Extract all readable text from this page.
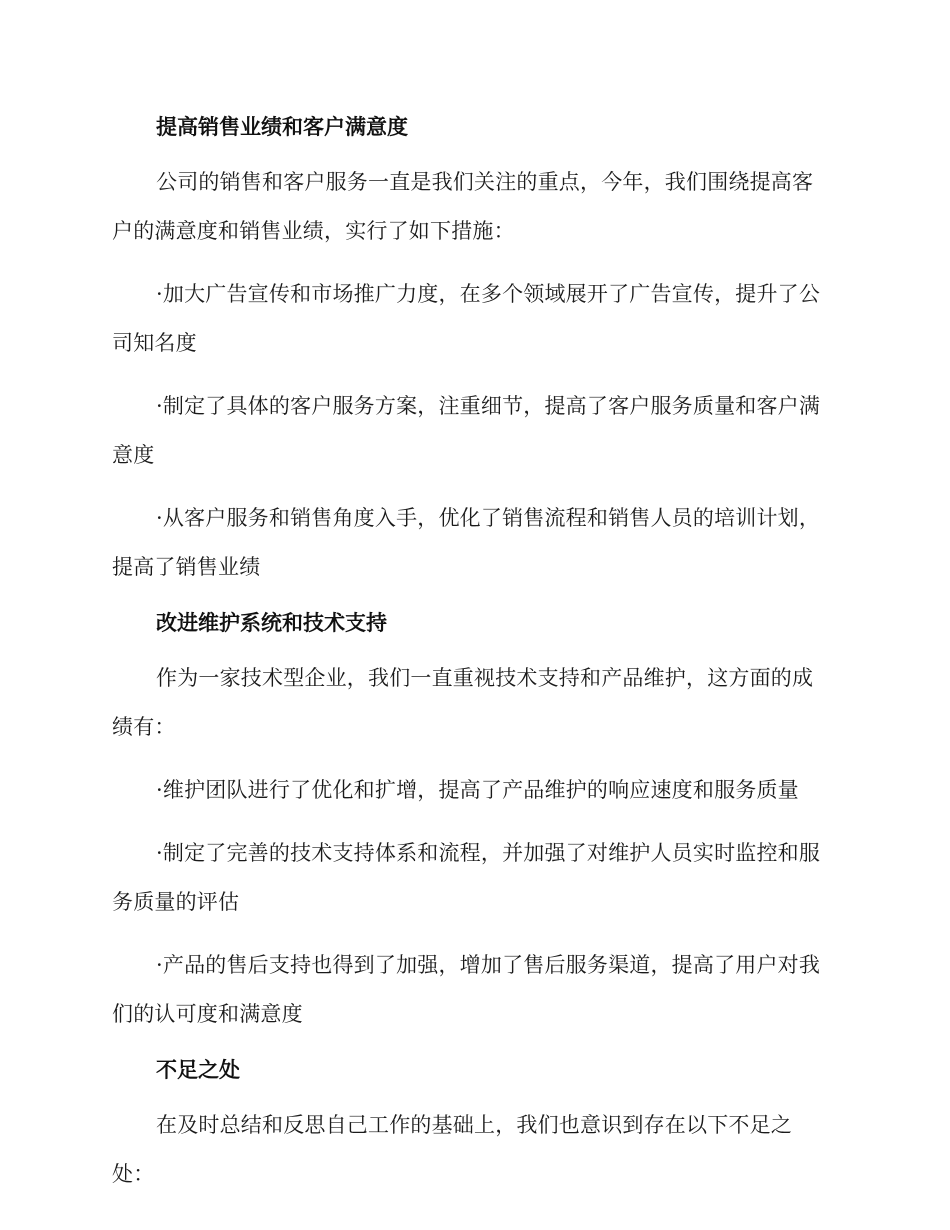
提高销售业绩和客户满意度

公司的销售和客户服务一直是我们关注的重点，今年，我们围绕提高客户的满意度和销售业绩，实行了如下措施：

·加大广告宣传和市场推广力度，在多个领域展开了广告宣传，提升了公司知名度

·制定了具体的客户服务方案，注重细节，提高了客户服务质量和客户满意度

·从客户服务和销售角度入手，优化了销售流程和销售人员的培训计划，提高了销售业绩

改进维护系统和技术支持

作为一家技术型企业，我们一直重视技术支持和产品维护，这方面的成绩有：

·维护团队进行了优化和扩增，提高了产品维护的响应速度和服务质量

·制定了完善的技术支持体系和流程，并加强了对维护人员实时监控和服务质量的评估

·产品的售后支持也得到了加强，增加了售后服务渠道，提高了用户对我们的认可度和满意度

不足之处

在及时总结和反思自己工作的基础上，我们也意识到存在以下不足之处：
